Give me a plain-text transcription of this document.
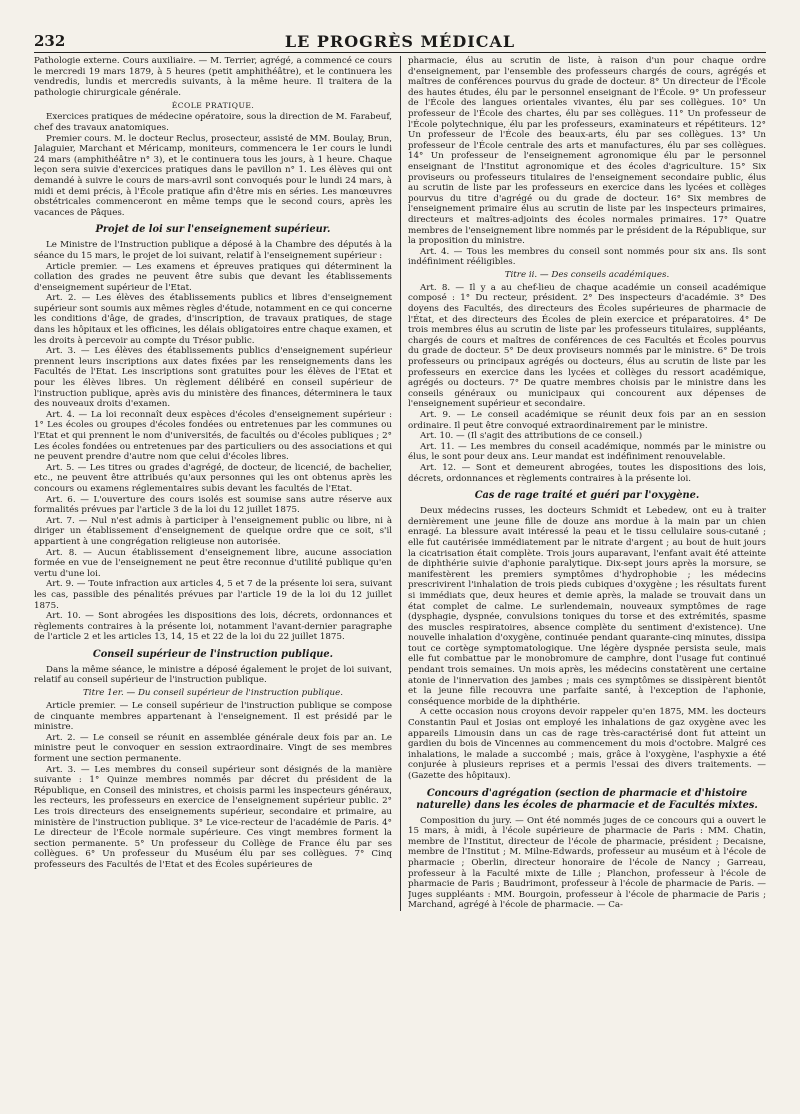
232	LE PROGRÈS MÉDICAL

Pathologie externe. Cours auxiliaire. — M. Terrier, agrégé, a commencé ce cours le mercredi 19 mars 1879, à 5 heures (petit amphithéâtre), et le continuera les vendredis, lundis et mercredis suivants, à la même heure. Il traitera de la pathologie chirurgicale générale.

ÉCOLE PRATIQUE.

Exercices pratiques de médecine opératoire, sous la direction de M. Farabeuf, chef des travaux anatomiques.

Premier cours. M. le docteur Reclus, prosecteur, assisté de MM. Boulay, Brun, Jalaguier, Marchant et Méricamp, moniteurs, commencera le 1er cours le lundi 24 mars (amphithéâtre n° 3), et le continuera tous les jours, à 1 heure. Chaque leçon sera suivie d'exercices pratiques dans le pavillon n° 1. Les élèves qui ont demandé à suivre le cours de mars-avril sont convoqués pour le lundi 24 mars, à midi et demi précis, à l'École pratique afin d'être mis en séries. Les manœuvres obstétricales commenceront en même temps que le second cours, après les vacances de Pâques.

Projet de loi sur l'enseignement supérieur.

Le Ministre de l'Instruction publique a déposé à la Chambre des députés à la séance du 15 mars, le projet de loi suivant, relatif à l'enseignement supérieur :

Article premier. — Les examens et épreuves pratiques qui déterminent la collation des grades ne peuvent être subis que devant les établissements d'enseignement supérieur de l'Etat.

Art. 2. — Les élèves des établissements publics et libres d'enseignement supérieur sont soumis aux mêmes règles d'étude, notamment en ce qui concerne les conditions d'âge, de grades, d'inscription, de travaux pratiques, de stage dans les hôpitaux et les officines, les délais obligatoires entre chaque examen, et les droits à percevoir au compte du Trésor public.

Art. 3. — Les élèves des établissements publics d'enseignement supérieur prennent leurs inscriptions aux dates fixées par les renseignements dans les Facultés de l'Etat. Les inscriptions sont gratuites pour les élèves de l'Etat et pour les élèves libres. Un règlement délibéré en conseil supérieur de l'instruction publique, après avis du ministère des finances, déterminera le taux des nouveaux droits d'examen.

Art. 4. — La loi reconnaît deux espèces d'écoles d'enseignement supérieur : 1° Les écoles ou groupes d'écoles fondées ou entretenues par les communes ou l'Etat et qui prennent le nom d'universités, de facultés ou d'écoles publiques ; 2° Les écoles fondées ou entretenues par des particuliers ou des associations et qui ne peuvent prendre d'autre nom que celui d'écoles libres.

Art. 5. — Les titres ou grades d'agrégé, de docteur, de licencié, de bachelier, etc., ne peuvent être attribués qu'aux personnes qui les ont obtenus après les concours ou examens réglementaires subis devant les facultés de l'Etat.

Art. 6. — L'ouverture des cours isolés est soumise sans autre réserve aux formalités prévues par l'article 3 de la loi du 12 juillet 1875.

Art. 7. — Nul n'est admis à participer à l'enseignement public ou libre, ni à diriger un établissement d'enseignement de quelque ordre que ce soit, s'il appartient à une congrégation religieuse non autorisée.

Art. 8. — Aucun établissement d'enseignement libre, aucune association formée en vue de l'enseignement ne peut être reconnue d'utilité publique qu'en vertu d'une loi.

Art. 9. — Toute infraction aux articles 4, 5 et 7 de la présente loi sera, suivant les cas, passible des pénalités prévues par l'article 19 de la loi du 12 juillet 1875.

Art. 10. — Sont abrogées les dispositions des lois, décrets, ordonnances et règlements contraires à la présente loi, notamment l'avant-dernier paragraphe de l'article 2 et les articles 13, 14, 15 et 22 de la loi du 22 juillet 1875.

Conseil supérieur de l'instruction publique.

Dans la même séance, le ministre a déposé également le projet de loi suivant, relatif au conseil supérieur de l'instruction publique.

Titre 1er. — Du conseil supérieur de l'instruction publique.

Article premier. — Le conseil supérieur de l'instruction publique se compose de cinquante membres appartenant à l'enseignement. Il est présidé par le ministre.

Art. 2. — Le conseil se réunit en assemblée générale deux fois par an. Le ministre peut le convoquer en session extraordinaire. Vingt de ses membres forment une section permanente.

Art. 3. — Les membres du conseil supérieur sont désignés de la manière suivante : 1° Quinze membres nommés par décret du président de la République, en Conseil des ministres, et choisis parmi les inspecteurs généraux, les recteurs, les professeurs en exercice de l'enseignement supérieur public. 2° Les trois directeurs des enseignements supérieur, secondaire et primaire, au ministère de l'instruction publique. 3° Le vice-recteur de l'académie de Paris. 4° Le directeur de l'École normale supérieure. Ces vingt membres forment la section permanente. 5° Un professeur du Collège de France élu par ses collègues. 6° Un professeur du Muséum élu par ses collègues. 7° Cinq professeurs des Facultés de l'Etat et des Écoles supérieures de

pharmacie, élus au scrutin de liste, à raison d'un pour chaque ordre d'enseignement, par l'ensemble des professeurs chargés de cours, agrégés et maîtres de conférences pourvus du grade de docteur. 8° Un directeur de l'École des hautes études, élu par le personnel enseignant de l'École. 9° Un professeur de l'École des langues orientales vivantes, élu par ses collègues. 10° Un professeur de l'École des chartes, élu par ses collègues. 11° Un professeur de l'École polytechnique, élu par les professeurs, examinateurs et répétiteurs. 12° Un professeur de l'École des beaux-arts, élu par ses collègues. 13° Un professeur de l'École centrale des arts et manufactures, élu par ses collègues. 14° Un professeur de l'enseignement agronomique élu par le personnel enseignant de l'Institut agronomique et des écoles d'agriculture. 15° Six proviseurs ou professeurs titulaires de l'enseignement secondaire public, élus au scrutin de liste par les professeurs en exercice dans les lycées et collèges pourvus du titre d'agrégé ou du grade de docteur. 16° Six membres de l'enseignement primaire élus au scrutin de liste par les inspecteurs primaires, directeurs et maîtres-adjoints des écoles normales primaires. 17° Quatre membres de l'enseignement libre nommés par le président de la République, sur la proposition du ministre.

Art. 4. — Tous les membres du conseil sont nommés pour six ans. Ils sont indéfiniment rééligibles.

Titre ii. — Des conseils académiques.

Art. 8. — Il y a au chef-lieu de chaque académie un conseil académique composé : 1° Du recteur, président. 2° Des inspecteurs d'académie. 3° Des doyens des Facultés, des directeurs des Écoles supérieures de pharmacie de l'État, et des directeurs des Écoles de plein exercice et préparatoires. 4° De trois membres élus au scrutin de liste par les professeurs titulaires, suppléants, chargés de cours et maîtres de conférences de ces Facultés et Écoles pourvus du grade de docteur. 5° De deux proviseurs nommés par le ministre. 6° De trois professeurs ou principaux agrégés ou docteurs, élus au scrutin de liste par les professeurs en exercice dans les lycées et collèges du ressort académique, agrégés ou docteurs. 7° De quatre membres choisis par le ministre dans les conseils généraux ou municipaux qui concourent aux dépenses de l'enseignement supérieur et secondaire.

Art. 9. — Le conseil académique se réunit deux fois par an en session ordinaire. Il peut être convoqué extraordinairement par le ministre.

Art. 10. — (Il s'agit des attributions de ce conseil.)

Art. 11. — Les membres du conseil académique, nommés par le ministre ou élus, le sont pour deux ans. Leur mandat est indéfiniment renouvelable.

Art. 12. — Sont et demeurent abrogées, toutes les dispositions des lois, décrets, ordonnances et règlements contraires à la présente loi.

Cas de rage traité et guéri par l'oxygène.

Deux médecins russes, les docteurs Schmidt et Lebedew, ont eu à traiter dernièrement une jeune fille de douze ans mordue à la main par un chien enragé. La blessure avait intéressé la peau et le tissu cellulaire sous-cutané ; elle fut cautérisée immédiatement par le nitrate d'argent ; au bout de huit jours la cicatrisation était complète. Trois jours auparavant, l'enfant avait été atteinte de diphthérie suivie d'aphonie paralytique. Dix-sept jours après la morsure, se manifestèrent les premiers symptômes d'hydrophobie ; les médecins prescrivirent l'inhalation de trois pieds cubiques d'oxygène ; les résultats furent si immédiats que, deux heures et demie après, la malade se trouvait dans un état complet de calme. Le surlendemain, nouveaux symptômes de rage (dysphagie, dyspnée, convulsions toniques du torse et des extrémités, spasme des muscles respiratoires, absence complète du sentiment d'existence). Une nouvelle inhalation d'oxygène, continuée pendant quarante-cinq minutes, dissipa tout ce cortège symptomatologique. Une légère dyspnée persista seule, mais elle fut combattue par le monobromure de camphre, dont l'usage fut continué pendant trois semaines. Un mois après, les médecins constatèrent une certaine atonie de l'innervation des jambes ; mais ces symptômes se dissipèrent bientôt et la jeune fille recouvra une parfaite santé, à l'exception de l'aphonie, conséquence morbide de la diphthérie.

A cette occasion nous croyons devoir rappeler qu'en 1875, MM. les docteurs Constantin Paul et Josias ont employé les inhalations de gaz oxygène avec les appareils Limousin dans un cas de rage très-caractérisé dont fut atteint un gardien du bois de Vincennes au commencement du mois d'octobre. Malgré ces inhalations, le malade a succombé ; mais, grâce à l'oxygène, l'asphyxie a été conjurée à plusieurs reprises et a permis l'essai des divers traitements. — (Gazette des hôpitaux).

Concours d'agrégation (section de pharmacie et d'histoire naturelle) dans les écoles de pharmacie et de Facultés mixtes.

Composition du jury. — Ont été nommés juges de ce concours qui a ouvert le 15 mars, à midi, à l'école supérieure de pharmacie de Paris : MM. Chatin, membre de l'Institut, directeur de l'école de pharmacie, président ; Decaisne, membre de l'Institut ; M. Milne-Edwards, professeur au muséum et à l'école de pharmacie ; Oberlin, directeur honoraire de l'école de Nancy ; Garreau, professeur à la Faculté mixte de Lille ; Planchon, professeur à l'école de pharmacie de Paris ; Baudrimont, professeur à l'école de pharmacie de Paris. — Juges suppléants : MM. Bourgoin, professeur à l'école de pharmacie de Paris ; Marchand, agrégé à l'école de pharmacie. — Ca-
